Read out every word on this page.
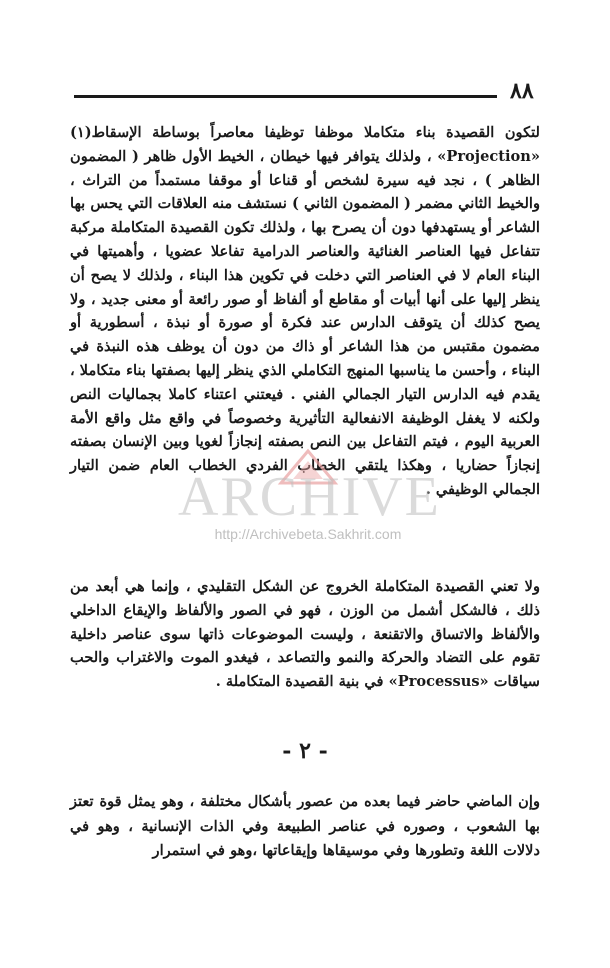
٨٨

لتكون القصيدة بناء متكاملا موظفا توظيفا معاصراً بوساطة الإسقاط(١) «Projection» ، ولذلك يتوافر فيها خيطان ، الخيط الأول ظاهر ( المضمون الظاهر ) ، نجد فيه سيرة لشخص أو قناعا أو موقفا مستمداً من التراث ، والخيط الثاني مضمر ( المضمون الثاني ) نستشف منه العلاقات التي يحس بها الشاعر أو يستهدفها دون أن يصرح بها ، ولذلك تكون القصيدة المتكاملة مركبة تتفاعل فيها العناصر الغنائية والعناصر الدرامية تفاعلا عضويا ، وأهميتها في البناء العام لا في العناصر التي دخلت في تكوين هذا البناء ، ولذلك لا يصح أن ينظر إليها على أنها أبيات أو مقاطع أو ألفاظ أو صور رائعة أو معنى جديد ، ولا يصح كذلك أن يتوقف الدارس عند فكرة أو صورة أو نبذة ، أسطورية أو مضمون مقتبس من هذا الشاعر أو ذاك من دون أن يوظف هذه النبذة في البناء ، وأحسن ما يناسبها المنهج التكاملي الذي ينظر إليها بصفتها بناء متكاملا ، يقدم فيه الدارس التيار الجمالي الفني . فيعتني اعتناء كاملا بجماليات النص ولكنه لا يغفل الوظيفة الانفعالية التأثيرية وخصوصاً في واقع مثل واقع الأمة العربية اليوم ، فيتم التفاعل بين النص بصفته إنجازاً لغويا وبين الإنسان بصفته إنجازاً حضاريا ، وهكذا يلتقي الخطاب الفردي الخطاب العام ضمن التيار الجمالي الوظيفي .

ARCHIVE
http://Archivebeta.Sakhrit.com

ولا تعني القصيدة المتكاملة الخروج عن الشكل التقليدي ، وإنما هي أبعد من ذلك ، فالشكل أشمل من الوزن ، فهو في الصور والألفاظ والإيقاع الداخلي والألفاظ والاتساق والاتقنعة ، وليست الموضوعات ذاتها سوى عناصر داخلية تقوم على التضاد والحركة والنمو والتصاعد ، فيغدو الموت والاغتراب والحب سياقات «Processus» في بنية القصيدة المتكاملة .

- ٢ -

وإن الماضي حاضر فيما بعده من عصور بأشكال مختلفة ، وهو يمثل قوة تعتز بها الشعوب ، وصوره في عناصر الطبيعة وفي الذات الإنسانية ، وهو في دلالات اللغة وتطورها وفي موسيقاها وإيقاعاتها ،وهو في استمرار
